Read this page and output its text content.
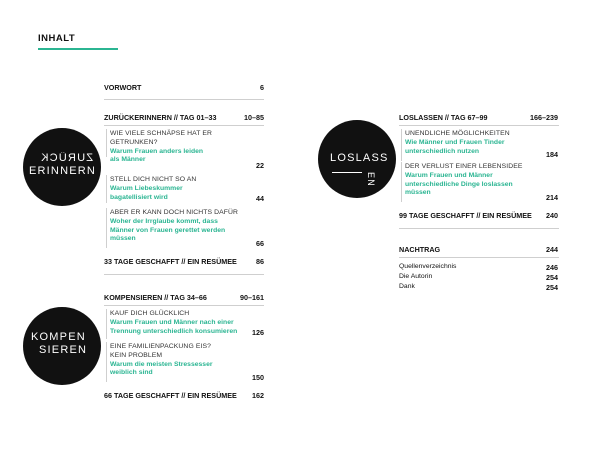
INHALT
VORWORT	6
ZURÜCKERINNERN // TAG 01–33	10–85
ZURÜCK
ERINNERN
WIE VIELE SCHNÄPSE HAT ER
GETRUNKEN?
Warum Frauen anders leiden
als Männer
22
STELL DICH NICHT SO AN
Warum Liebeskummer
bagatellisiert wird	44
ABER ER KANN DOCH NICHTS DAFÜR
Woher der Irrglaube kommt, dass
Männer von Frauen gerettet werden
müssen
66
33 TAGE GESCHAFFT // EIN RESÜMEE	86
KOMPENSIEREN // TAG 34–66	90–161
KOMPEN
SIEREN
KAUF DICH GLÜCKLICH
Warum Frauen und Männer nach einer
Trennung unterschiedlich konsumieren	126
EINE FAMILIENPACKUNG EIS?
KEIN PROBLEM
Warum die meisten Stressesser
weiblich sind
150
66 TAGE GESCHAFFT // EIN RESÜMEE	162
LOSLASSEN // TAG 67–99	166–239
LOSLASS
EN
UNENDLICHE MÖGLICHKEITEN
Wie Männer und Frauen Tinder
unterschiedlich nutzen	184
DER VERLUST EINER LEBENSIDEE
Warum Frauen und Männer
unterschiedliche Dinge loslassen
müssen
214
99 TAGE GESCHAFFT // EIN RESÜMEE	240
NACHTRAG	244
Quellenverzeichnis	246
Die Autorin	254
Dank	254
